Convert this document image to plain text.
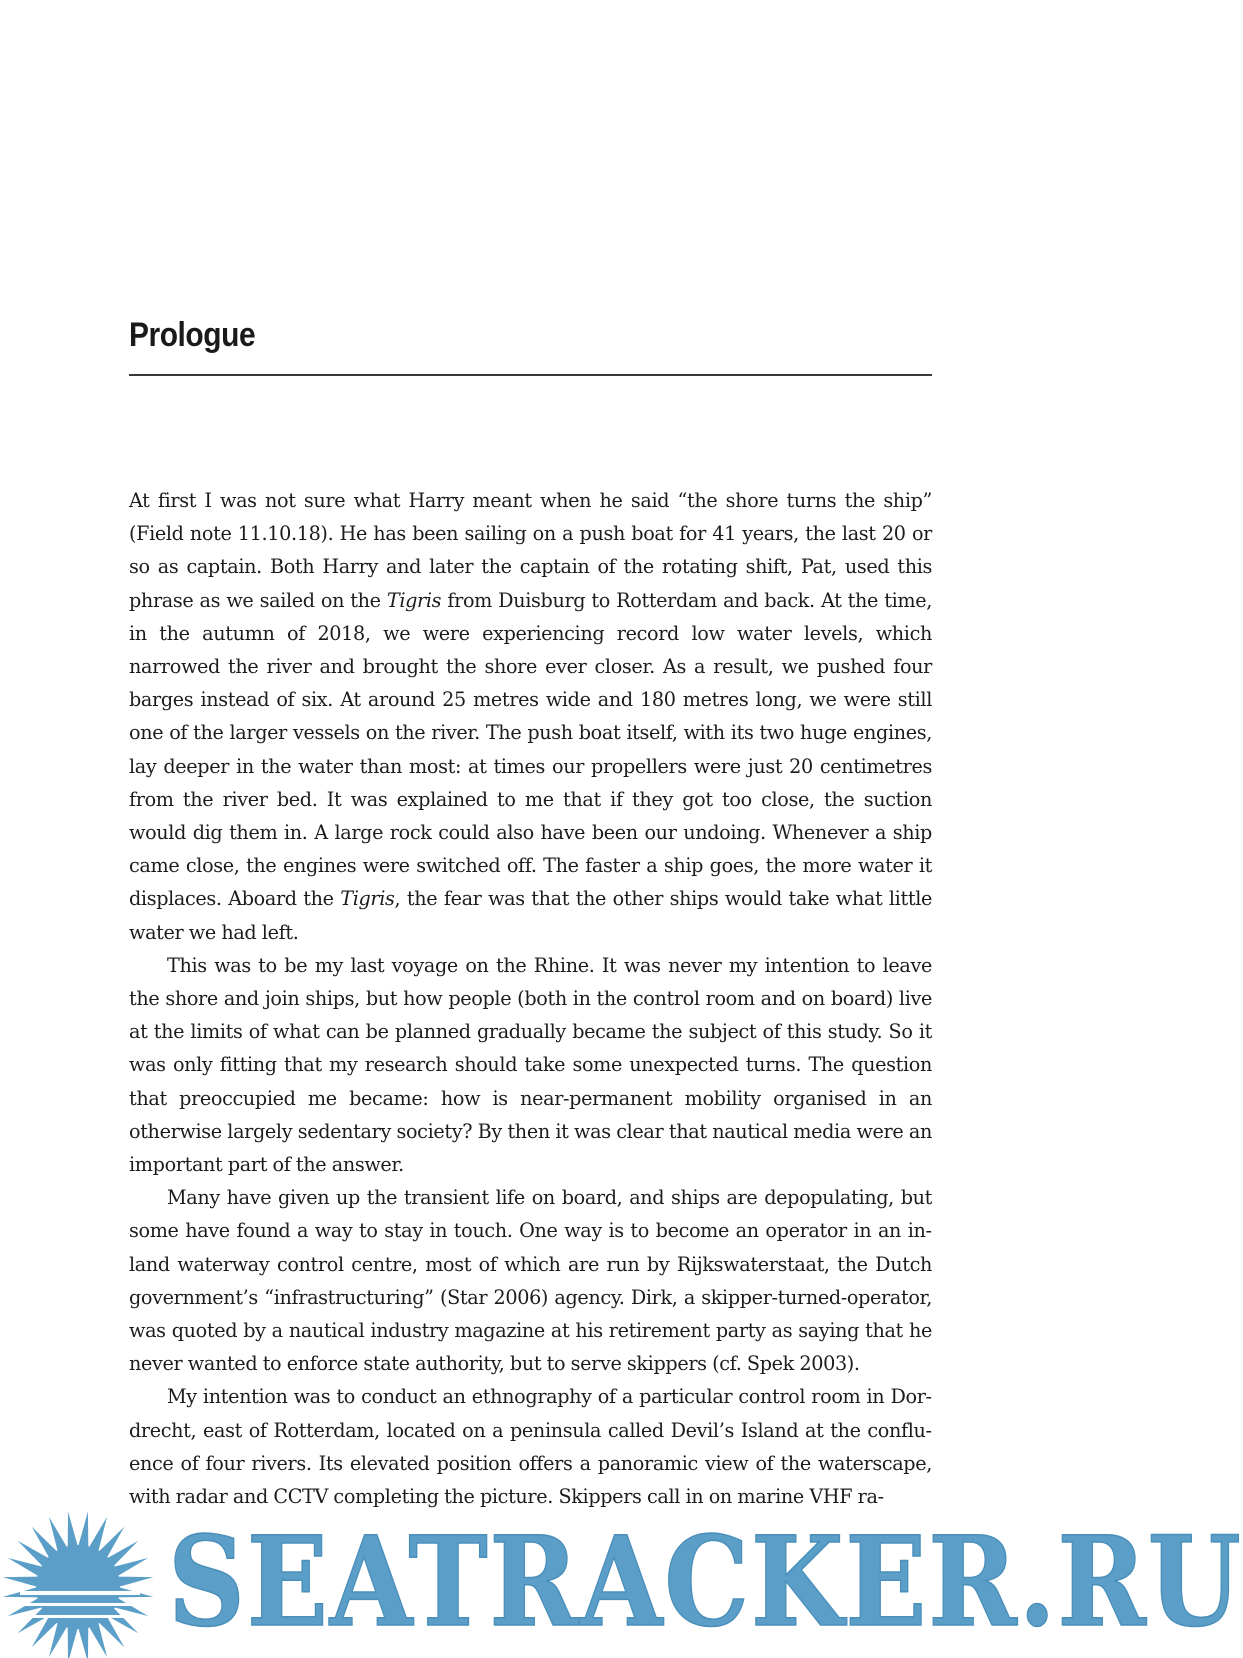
Prologue

At first I was not sure what Harry meant when he said “the shore turns the ship” (Field note 11.10.18). He has been sailing on a push boat for 41 years, the last 20 or so as captain. Both Harry and later the captain of the rotating shift, Pat, used this phrase as we sailed on the Tigris from Duisburg to Rotterdam and back. At the time, in the autumn of 2018, we were experiencing record low water levels, which narrowed the river and brought the shore ever closer. As a result, we pushed four barges instead of six. At around 25 metres wide and 180 metres long, we were still one of the larger vessels on the river. The push boat itself, with its two huge engines, lay deeper in the water than most: at times our propellers were just 20 centimetres from the river bed. It was explained to me that if they got too close, the suction would dig them in. A large rock could also have been our undoing. Whenever a ship came close, the engines were switched off. The faster a ship goes, the more water it displaces. Aboard the Tigris, the fear was that the other ships would take what little water we had left.

This was to be my last voyage on the Rhine. It was never my intention to leave the shore and join ships, but how people (both in the control room and on board) live at the limits of what can be planned gradually became the subject of this study. So it was only fitting that my research should take some unexpected turns. The question that preoccupied me became: how is near-permanent mobility organised in an otherwise largely sedentary society? By then it was clear that nautical media were an important part of the answer.

Many have given up the transient life on board, and ships are depopulating, but some have found a way to stay in touch. One way is to become an operator in an inland waterway control centre, most of which are run by Rijkswaterstaat, the Dutch government’s “infrastructuring” (Star 2006) agency. Dirk, a skipper-turned-operator, was quoted by a nautical industry magazine at his retirement party as saying that he never wanted to enforce state authority, but to serve skippers (cf. Spek 2003).

My intention was to conduct an ethnography of a particular control room in Dordrecht, east of Rotterdam, located on a peninsula called Devil’s Island at the confluence of four rivers. Its elevated position offers a panoramic view of the waterscape, with radar and CCTV completing the picture. Skippers call in on marine VHF ra-

SEATRACKER.RU
